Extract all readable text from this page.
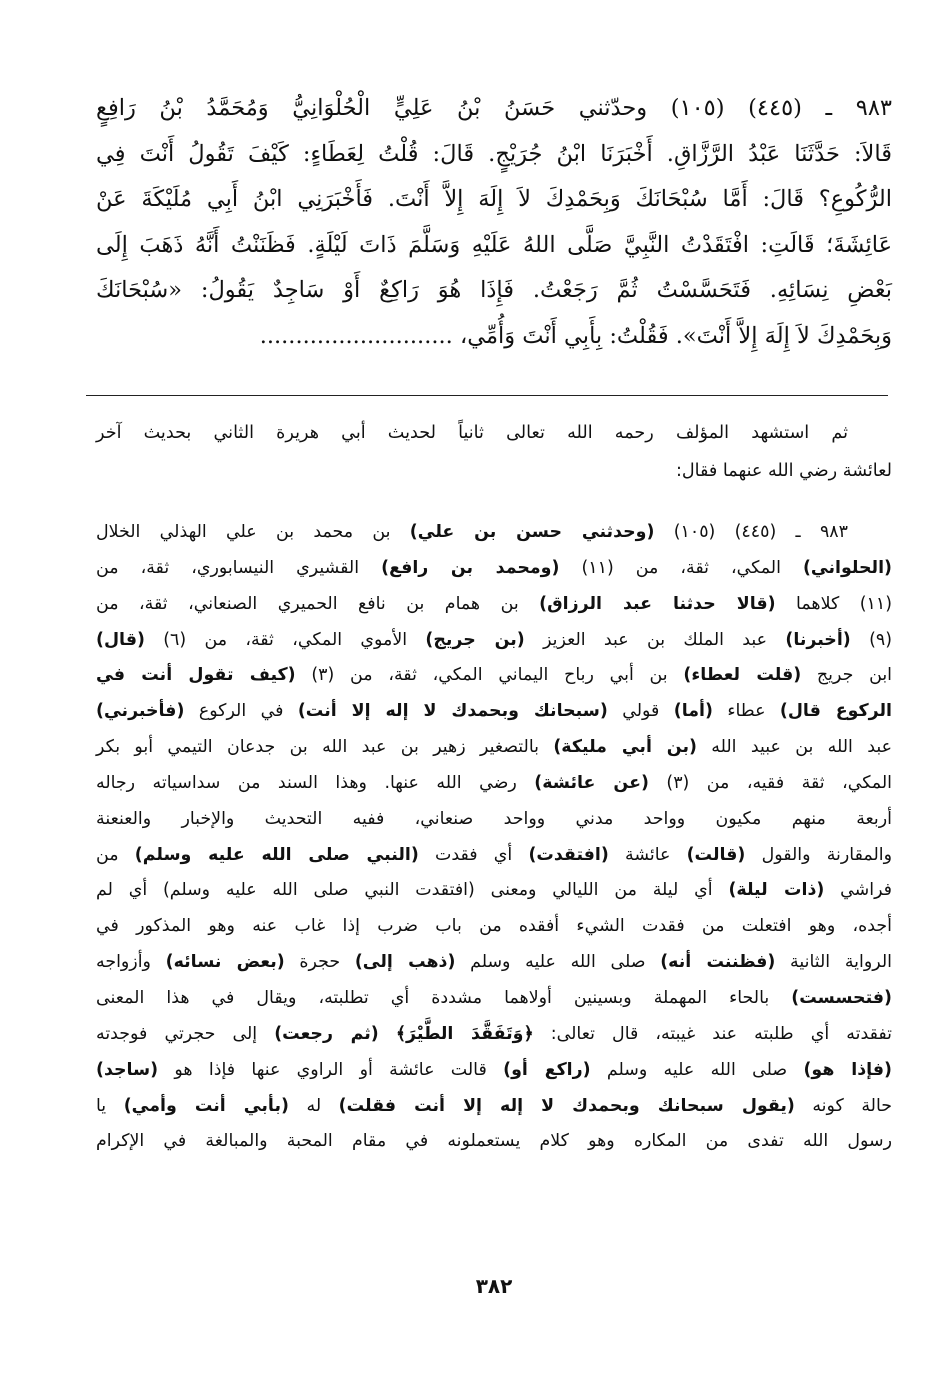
٩٨٣ ـ (٤٤٥) (١٠٥) وحدّثني حَسَنُ بْنُ عَلِيٍّ الْحُلْوَانِيُّ وَمُحَمَّدُ بْنُ رَافِعٍ
قَالاَ: حَدَّثَنَا عَبْدُ الرَّزَّاقِ. أَخْبَرَنَا ابْنُ جُرَيْجٍ. قَالَ: قُلْتُ لِعَطَاءٍ: كَيْفَ تَقُولُ أَنْتَ فِي
الرُّكُوعِ؟ قَالَ: أَمَّا سُبْحَانَكَ وَبِحَمْدِكَ لاَ إِلَهَ إِلاَّ أَنْتَ. فَأَخْبَرَنِي ابْنُ أَبِي مُلَيْكَةَ عَنْ
عَائِشَةَ؛ قَالَتِ: افْتَقَدْتُ النَّبِيَّ صَلَّى اللهُ عَلَيْهِ وَسَلَّمَ ذَاتَ لَيْلَةٍ. فَظَنَنْتُ أَنَّهُ ذَهَبَ إِلَى
بَعْضِ نِسَائِهِ. فَتَحَسَّسْتُ ثُمَّ رَجَعْتُ. فَإِذَا هُوَ رَاكِعٌ أَوْ سَاجِدٌ يَقُولُ: «سُبْحَانَكَ
وَبِحَمْدِكَ لاَ إِلَهَ إِلاَّ أَنْتَ». فَقُلْتُ: بِأَبِي أَنْتَ وَأُمِّي، ...........................
ثم استشهد المؤلف رحمه الله تعالى ثانياً لحديث أبي هريرة الثاني بحديث آخر
لعائشة رضي الله عنهما فقال:
٩٨٣ ـ (٤٤٥) (١٠٥) (وحدثني حسن بن علي) بن محمد بن علي الهذلي الخلال
(الحلواني) المكي، ثقة، من (١١) (ومحمد بن رافع) القشيري النيسابوري، ثقة، من
(١١) كلاهما (قالا حدثنا عبد الرزاق) بن همام بن نافع الحميري الصنعاني، ثقة، من
(٩) (أخبرنا) عبد الملك بن عبد العزيز (بن جريج) الأموي المكي، ثقة، من (٦) (قال)
ابن جريج (قلت لعطاء) بن أبي رباح اليماني المكي، ثقة، من (٣) (كيف تقول أنت في
الركوع قال) عطاء (أما) قولي (سبحانك وبحمدك لا إله إلا أنت) في الركوع (فأخبرني)
عبد الله بن عبيد الله (بن أبي مليكة) بالتصغير زهير بن عبد الله بن جدعان التيمي أبو بكر
المكي، ثقة فقيه، من (٣) (عن عائشة) رضي الله عنها. وهذا السند من سداسياته رجاله
أربعة منهم مكيون وواحد مدني وواحد صنعاني، ففيه التحديث والإخبار والعنعنة
والمقارنة والقول (قالت) عائشة (افتقدت) أي فقدت (النبي صلى الله عليه وسلم) من
فراشي (ذات ليلة) أي ليلة من الليالي ومعنى (افتقدت النبي صلى الله عليه وسلم) أي لم
أجده، وهو افتعلت من فقدت الشيء أفقده من باب ضرب إذا غاب عنه وهو المذكور في
الرواية الثانية (فظننت أنه) صلى الله عليه وسلم (ذهب إلى) حجرة (بعض نسائه) وأزواجه
(فتحسست) بالحاء المهملة وبسينين أولاهما مشددة أي تطلبته، ويقال في هذا المعنى
تفقدته أي طلبته عند غيبته، قال تعالى: ﴿وَتَفَقَّدَ الطَّيْرَ﴾ (ثم رجعت) إلى حجرتي فوجدته
(فإذا هو) صلى الله عليه وسلم (راكع أو) قالت عائشة أو الراوي عنها فإذا هو (ساجد)
حالة كونه (يقول سبحانك وبحمدك لا إله إلا أنت فقلت) له (بأبي أنت وأمي) يا
رسول الله تفدى من المكاره وهو كلام يستعملونه في مقام المحبة والمبالغة في الإكرام
٣٨٢
